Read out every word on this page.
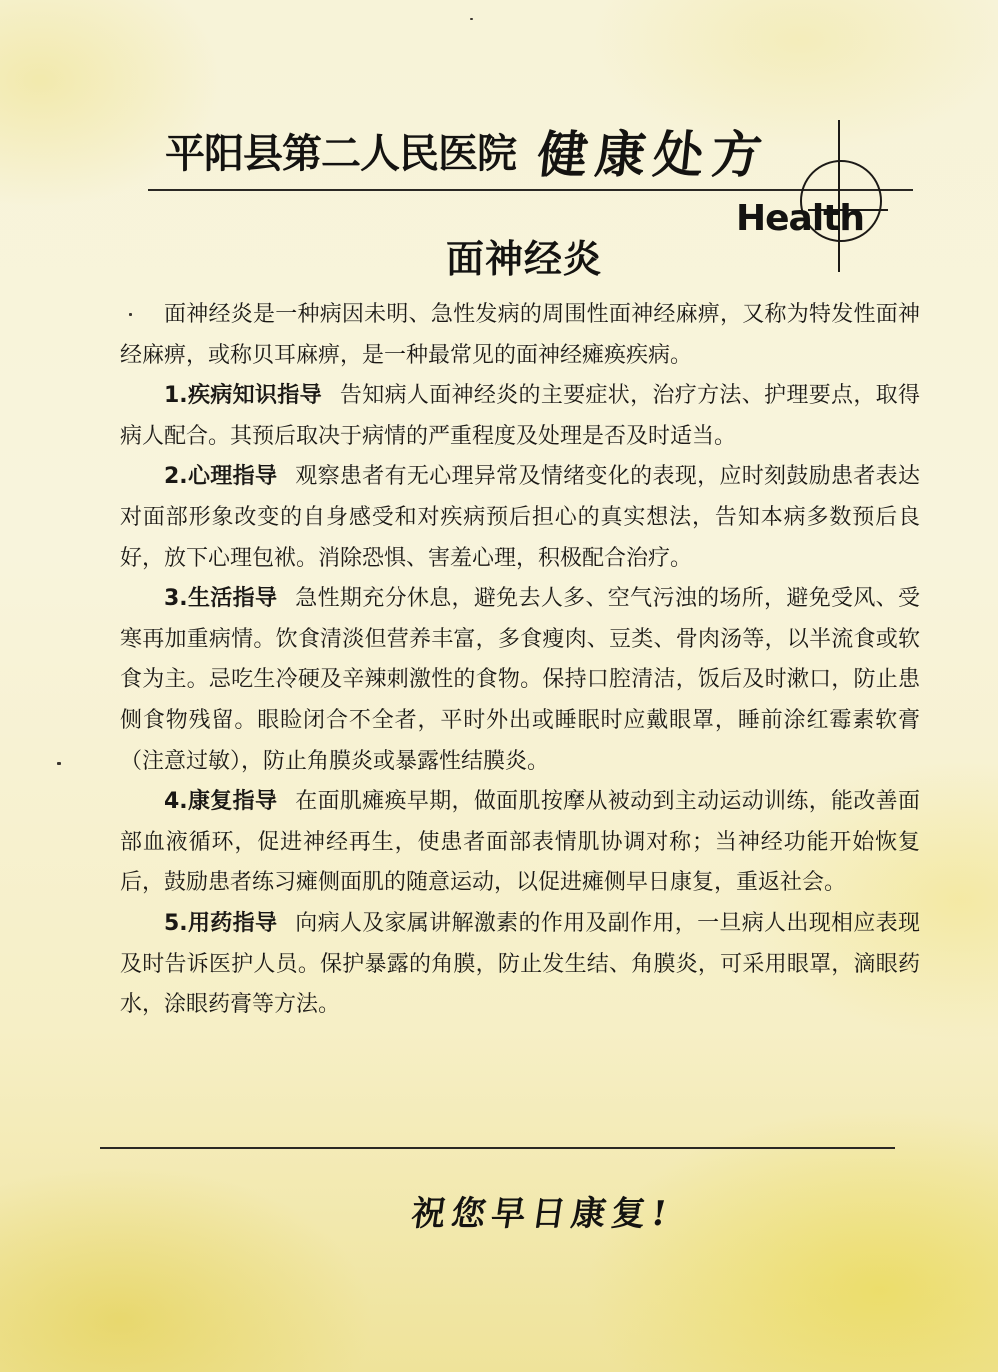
平阳县第二人民医院 健康处方
Health
面神经炎

面神经炎是一种病因未明、急性发病的周围性面神经麻痹，又称为特发性面神经麻痹，或称贝耳麻痹，是一种最常见的面神经瘫痪疾病。

1.疾病知识指导 告知病人面神经炎的主要症状，治疗方法、护理要点，取得病人配合。其预后取决于病情的严重程度及处理是否及时适当。

2.心理指导 观察患者有无心理异常及情绪变化的表现，应时刻鼓励患者表达对面部形象改变的自身感受和对疾病预后担心的真实想法，告知本病多数预后良好，放下心理包袱。消除恐惧、害羞心理，积极配合治疗。

3.生活指导 急性期充分休息，避免去人多、空气污浊的场所，避免受风、受寒再加重病情。饮食清淡但营养丰富，多食瘦肉、豆类、骨肉汤等，以半流食或软食为主。忌吃生冷硬及辛辣刺激性的食物。保持口腔清洁，饭后及时漱口，防止患侧食物残留。眼睑闭合不全者，平时外出或睡眠时应戴眼罩，睡前涂红霉素软膏（注意过敏），防止角膜炎或暴露性结膜炎。

4.康复指导 在面肌瘫痪早期，做面肌按摩从被动到主动运动训练，能改善面部血液循环，促进神经再生，使患者面部表情肌协调对称；当神经功能开始恢复后，鼓励患者练习瘫侧面肌的随意运动，以促进瘫侧早日康复，重返社会。

5.用药指导 向病人及家属讲解激素的作用及副作用，一旦病人出现相应表现及时告诉医护人员。保护暴露的角膜，防止发生结、角膜炎，可采用眼罩，滴眼药水，涂眼药膏等方法。

祝您早日康复!
